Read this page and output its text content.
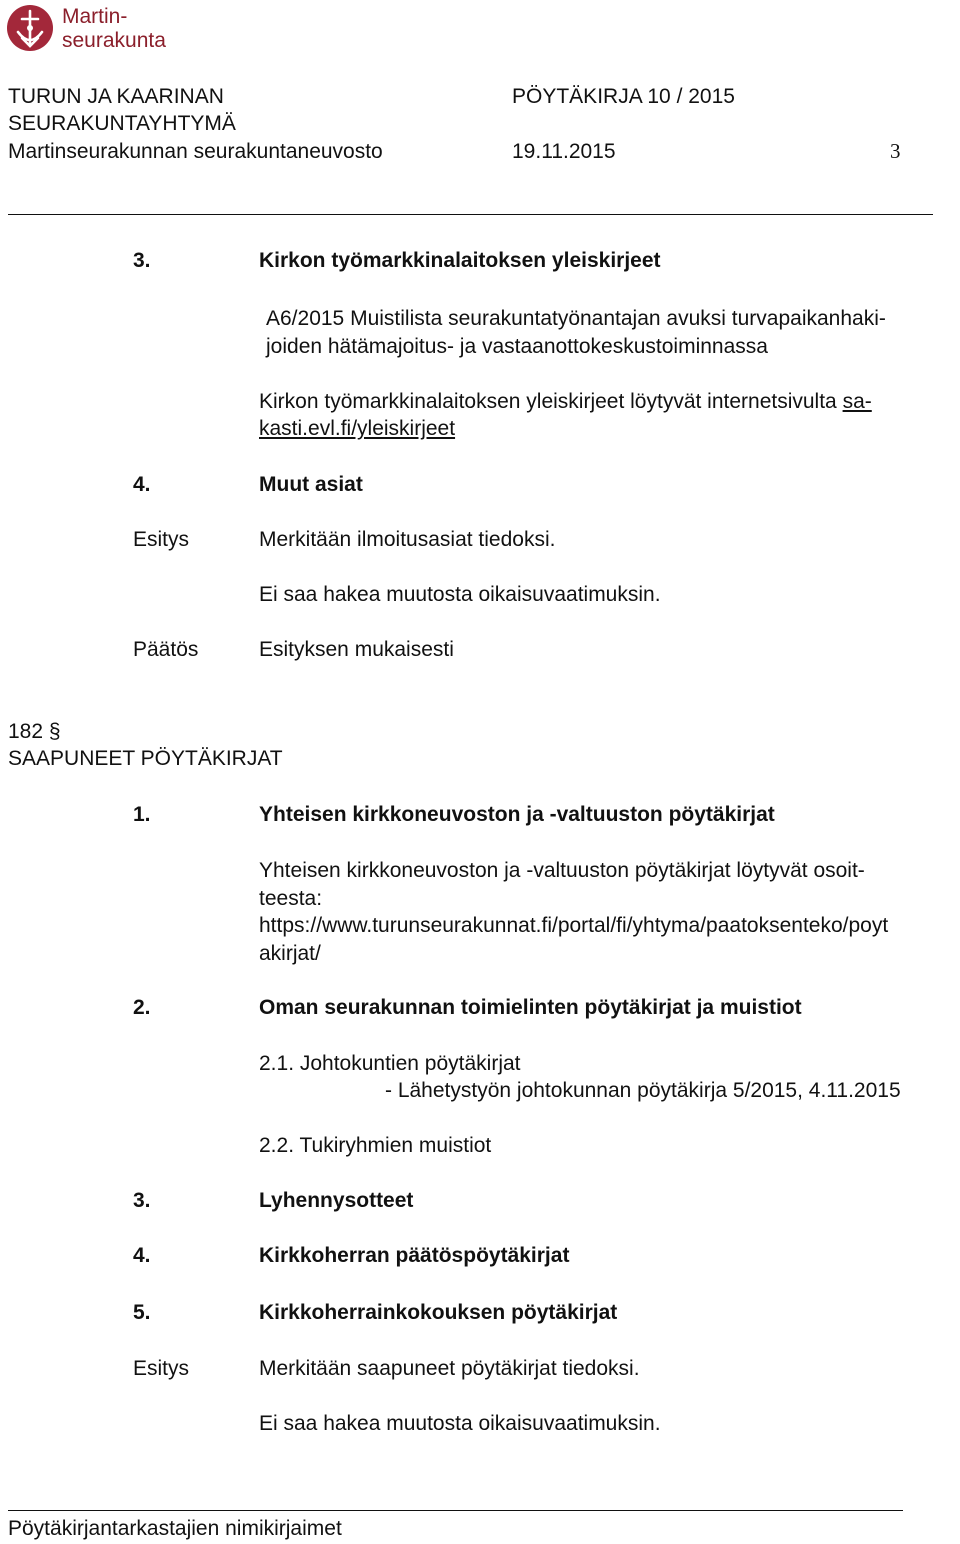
Martin-
seurakunta
TURUN JA KAARINAN
SEURAKUNTAYHTYMÄ
Martinseurakunnan seurakuntaneuvosto
PÖYTÄKIRJA 10 / 2015
19.11.2015	3
3.	Kirkon työmarkkinalaitoksen yleiskirjeet
A6/2015 Muistilista seurakuntatyönantajan avuksi turvapaikanhaki-
joiden hätämajoitus- ja vastaanottokeskustoiminnassa
Kirkon työmarkkinalaitoksen yleiskirjeet löytyvät internetsivulta sa-
kasti.evl.fi/yleiskirjeet
4.	Muut asiat
Esitys	Merkitään ilmoitusasiat tiedoksi.
Ei saa hakea muutosta oikaisuvaatimuksin.
Päätös	Esityksen mukaisesti
182 §
SAAPUNEET PÖYTÄKIRJAT
1.	Yhteisen kirkkoneuvoston ja -valtuuston pöytäkirjat
Yhteisen kirkkoneuvoston ja -valtuuston pöytäkirjat löytyvät osoit-
teesta:
https://www.turunseurakunnat.fi/portal/fi/yhtyma/paatoksenteko/poyt
akirjat/
2.	Oman seurakunnan toimielinten pöytäkirjat ja muistiot
2.1. Johtokuntien pöytäkirjat
- Lähetystyön johtokunnan pöytäkirja 5/2015, 4.11.2015
2.2. Tukiryhmien muistiot
3.	Lyhennysotteet
4.	Kirkkoherran päätöspöytäkirjat
5.	Kirkkoherrainkokouksen pöytäkirjat
Esitys	Merkitään saapuneet pöytäkirjat tiedoksi.
Ei saa hakea muutosta oikaisuvaatimuksin.
Pöytäkirjantarkastajien nimikirjaimet
